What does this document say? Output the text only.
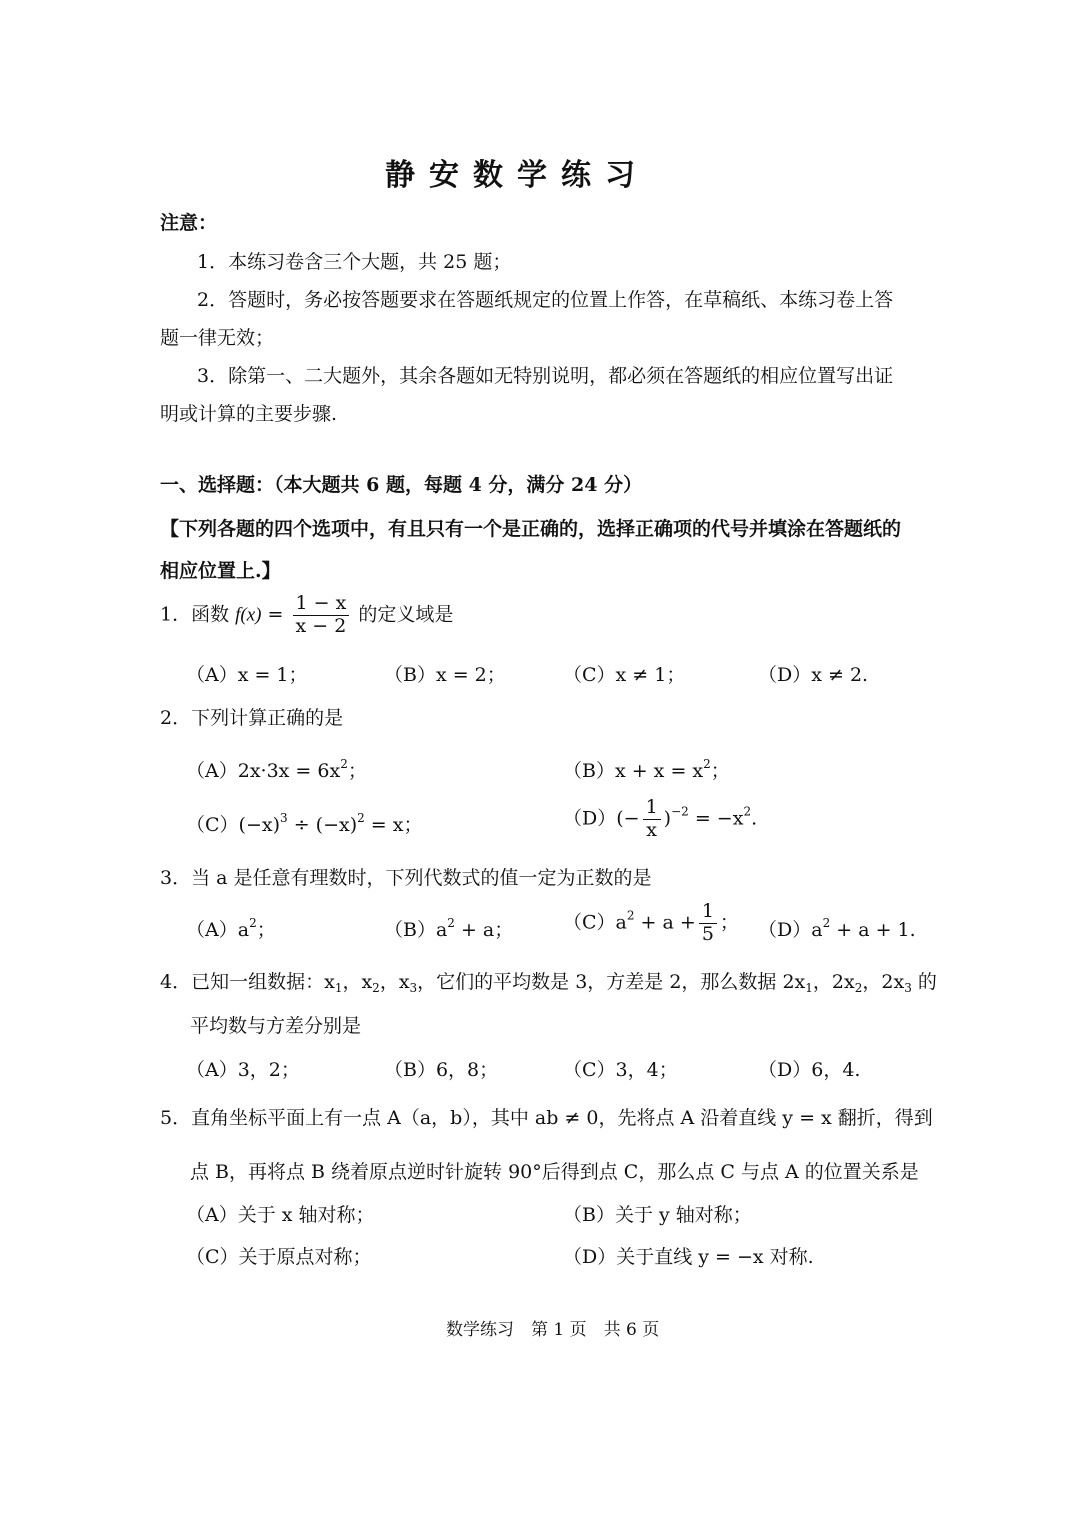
静安数学练习
注意：
1．本练习卷含三个大题，共 25 题；
2．答题时，务必按答题要求在答题纸规定的位置上作答，在草稿纸、本练习卷上答
题一律无效；
3．除第一、二大题外，其余各题如无特别说明，都必须在答题纸的相应位置写出证
明或计算的主要步骤.
一、选择题：（本大题共 6 题，每题 4 分，满分 24 分）
【下列各题的四个选项中，有且只有一个是正确的，选择正确项的代号并填涂在答题纸的
相应位置上.】
1．函数 $f(x) = \frac{1 - x}{x - 2}$ 的定义域是
（A）x = 1；	（B）x = 2；	（C）x ≠ 1；	（D）x ≠ 2.
2．下列计算正确的是
$(A)2x\cdot 3x = 6x^2$；	$(B)x + x = x^2$；
$(C)(-x)^3 \div (-x)^2 = x$；	$(D)(- \frac{1}{x} )^{-2} = -x^2$.
3．当 a 是任意有理数时，下列代数式的值一定为正数的是
$(A)a^2$；	$(B)a^2 + a$；	$(C)a^2 + a + \frac{1}{5}$ ； $(D)a^2 + a + 1$.
4．已知一组数据：$x_1$，$x_2$，$x_3$，它们的平均数是 3，方差是 2，那么数据 $2x_1$，$2x_2$，$2x_3$ 的
平均数与方差分别是
（A）3，2；	（B）6，8；	（C）3，4；	（D）6，4.
5．直角坐标平面上有一点 A（a，b），其中 ab ≠ 0，先将点 A 沿着直线 y = x 翻折，得到
点 B，再将点 B 绕着原点逆时针旋转 90°后得到点 C，那么点 C 与点 A 的位置关系是
（A）关于 x 轴对称；	（B）关于 y 轴对称；
（C）关于原点对称；	（D）关于直线 y = −x 对称.
数学练习　第 1 页　共 6 页
